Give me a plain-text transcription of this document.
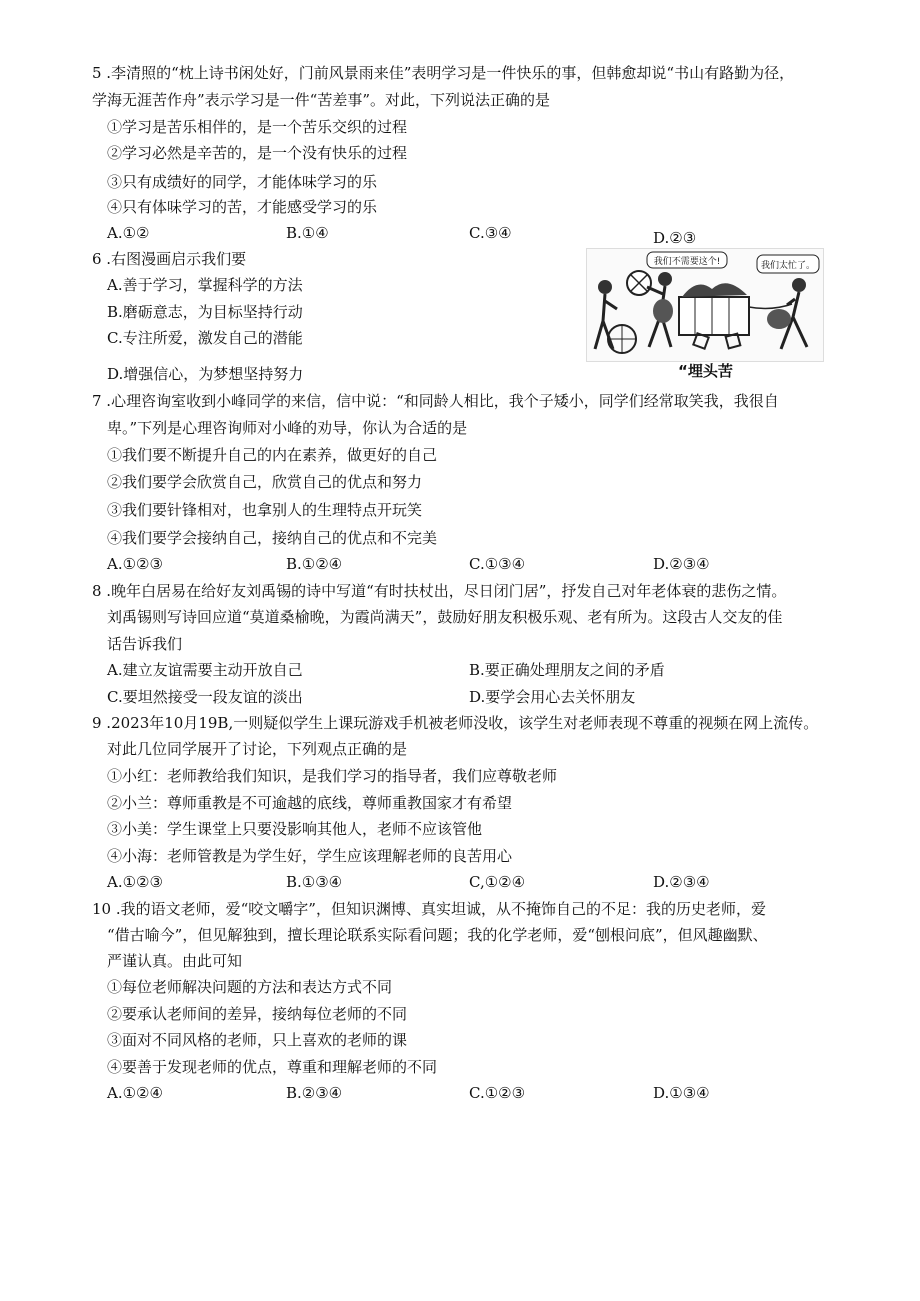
5 .李清照的“枕上诗书闲处好，门前风景雨来佳”表明学习是一件快乐的事，但韩愈却说“书山有路勤为径，
学海无涯苦作舟”表示学习是一件“苦差事”。对此，下列说法正确的是
①学习是苦乐相伴的，是一个苦乐交织的过程
②学习必然是辛苦的，是一个没有快乐的过程
③只有成绩好的同学，才能体味学习的乐
④只有体味学习的苦，才能感受学习的乐
A.①②	B.①④	C.③④	D.②③
6 .右图漫画启示我们要
A.善于学习，掌握科学的方法
B.磨砺意志，为目标坚持行动
C.专注所爱，激发自己的潜能
D.增强信心，为梦想坚持努力
我们不需要这个!	我们太忙了。
“埋头苦
7 .心理咨询室收到小峰同学的来信，信中说：“和同龄人相比，我个子矮小，同学们经常取笑我，我很自
卑。”下列是心理咨询师对小峰的劝导，你认为合适的是
①我们要不断提升自己的内在素养，做更好的自己
②我们要学会欣赏自己，欣赏自己的优点和努力
③我们要针锋相对，也拿别人的生理特点开玩笑
④我们要学会接纳自己，接纳自己的优点和不完美
A.①②③	B.①②④	C.①③④	D.②③④
8 .晚年白居易在给好友刘禹锡的诗中写道“有时扶杖出，尽日闭门居”，抒发自己对年老体衰的悲伤之情。
刘禹锡则写诗回应道“莫道桑榆晚，为霞尚满天”，鼓励好朋友积极乐观、老有所为。这段古人交友的佳
话告诉我们
A.建立友谊需要主动开放自己	B.要正确处理朋友之间的矛盾
C.要坦然接受一段友谊的淡出	D.要学会用心去关怀朋友
9 .2023年10月19B,一则疑似学生上课玩游戏手机被老师没收，该学生对老师表现不尊重的视频在网上流传。
对此几位同学展开了讨论，下列观点正确的是
①小红：老师教给我们知识，是我们学习的指导者，我们应尊敬老师
②小兰：尊师重教是不可逾越的底线，尊师重教国家才有希望
③小美：学生课堂上只要没影响其他人，老师不应该管他
④小海：老师管教是为学生好，学生应该理解老师的良苦用心
A.①②③	B.①③④	C,①②④	D.②③④
10 .我的语文老师，爱“咬文嚼字”，但知识渊博、真实坦诚，从不掩饰自己的不足：我的历史老师，爱
“借古喻今”，但见解独到，擅长理论联系实际看问题；我的化学老师，爱“刨根问底”，但风趣幽默、
严谨认真。由此可知
①每位老师解决问题的方法和表达方式不同
②要承认老师间的差异，接纳每位老师的不同
③面对不同风格的老师，只上喜欢的老师的课
④要善于发现老师的优点，尊重和理解老师的不同
A.①②④	B.②③④	C.①②③	D.①③④
